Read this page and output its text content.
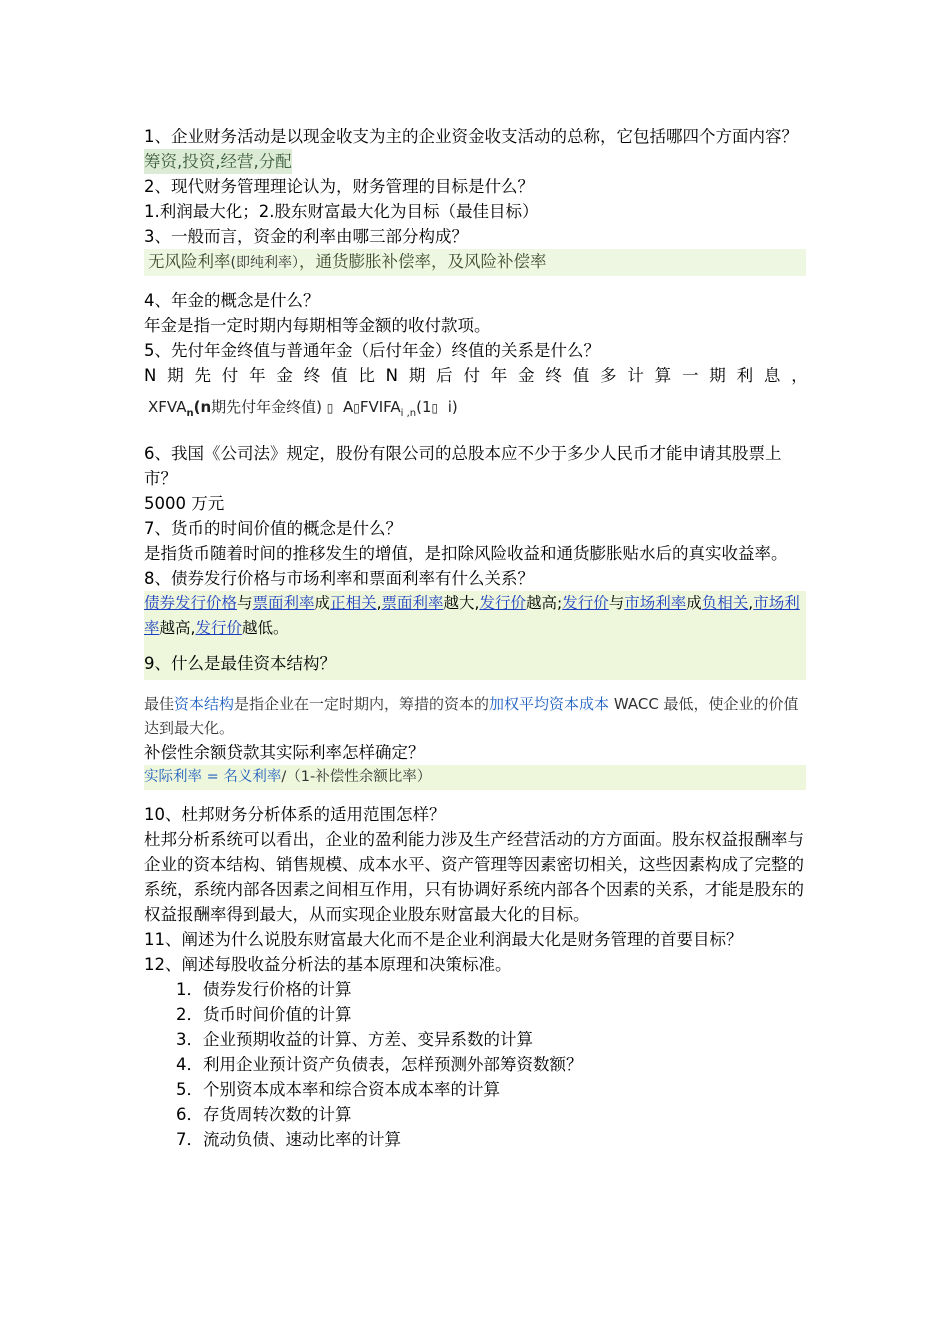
1、企业财务活动是以现金收支为主的企业资金收支活动的总称，它包括哪四个方面内容？

筹资,投资,经营,分配

2、现代财务管理理论认为，财务管理的目标是什么？

1.利润最大化；2.股东财富最大化为目标（最佳目标）

3、一般而言，资金的利率由哪三部分构成？

无风险利率(即纯利率），通货膨胀补偿率，及风险补偿率

4、年金的概念是什么？

年金是指一定时期内每期相等金额的收付款项。

5、先付年金终值与普通年金（后付年金）终值的关系是什么？

N 期 先 付 年 金 终 值 比 N 期 后 付 年 金 终 值 多 计 算 一 期 利 息 ，
$XFVA_n(n$期先付年金终值) ▯ $A▯FVIFA_{i ,n}(1▯$ i)

6、我国《公司法》规定，股份有限公司的总股本应不少于多少人民币才能申请其股票上市？

5000 万元

7、货币的时间价值的概念是什么？

是指货币随着时间的推移发生的增值，是扣除风险收益和通货膨胀贴水后的真实收益率。

8、债券发行价格与市场利率和票面利率有什么关系？

债券发行价格与票面利率成正相关,票面利率越大,发行价越高;发行价与市场利率成负相关,市场利率越高,发行价越低。

9、什么是最佳资本结构？

最佳资本结构是指企业在一定时期内，筹措的资本的加权平均资本成本 WACC 最低，使企业的价值达到最大化。

补偿性余额贷款其实际利率怎样确定？

实际利率 = 名义利率/（1-补偿性余额比率）

10、杜邦财务分析体系的适用范围怎样？

杜邦分析系统可以看出，企业的盈利能力涉及生产经营活动的方方面面。股东权益报酬率与企业的资本结构、销售规模、成本水平、资产管理等因素密切相关，这些因素构成了完整的系统，系统内部各因素之间相互作用，只有协调好系统内部各个因素的关系，才能是股东的权益报酬率得到最大，从而实现企业股东财富最大化的目标。

11、阐述为什么说股东财富最大化而不是企业利润最大化是财务管理的首要目标？

12、阐述每股收益分析法的基本原理和决策标准。

1．债券发行价格的计算

2．货币时间价值的计算

3．企业预期收益的计算、方差、变异系数的计算

4．利用企业预计资产负债表，怎样预测外部筹资数额？

5．个别资本成本率和综合资本成本率的计算

6．存货周转次数的计算

7．流动负债、速动比率的计算
